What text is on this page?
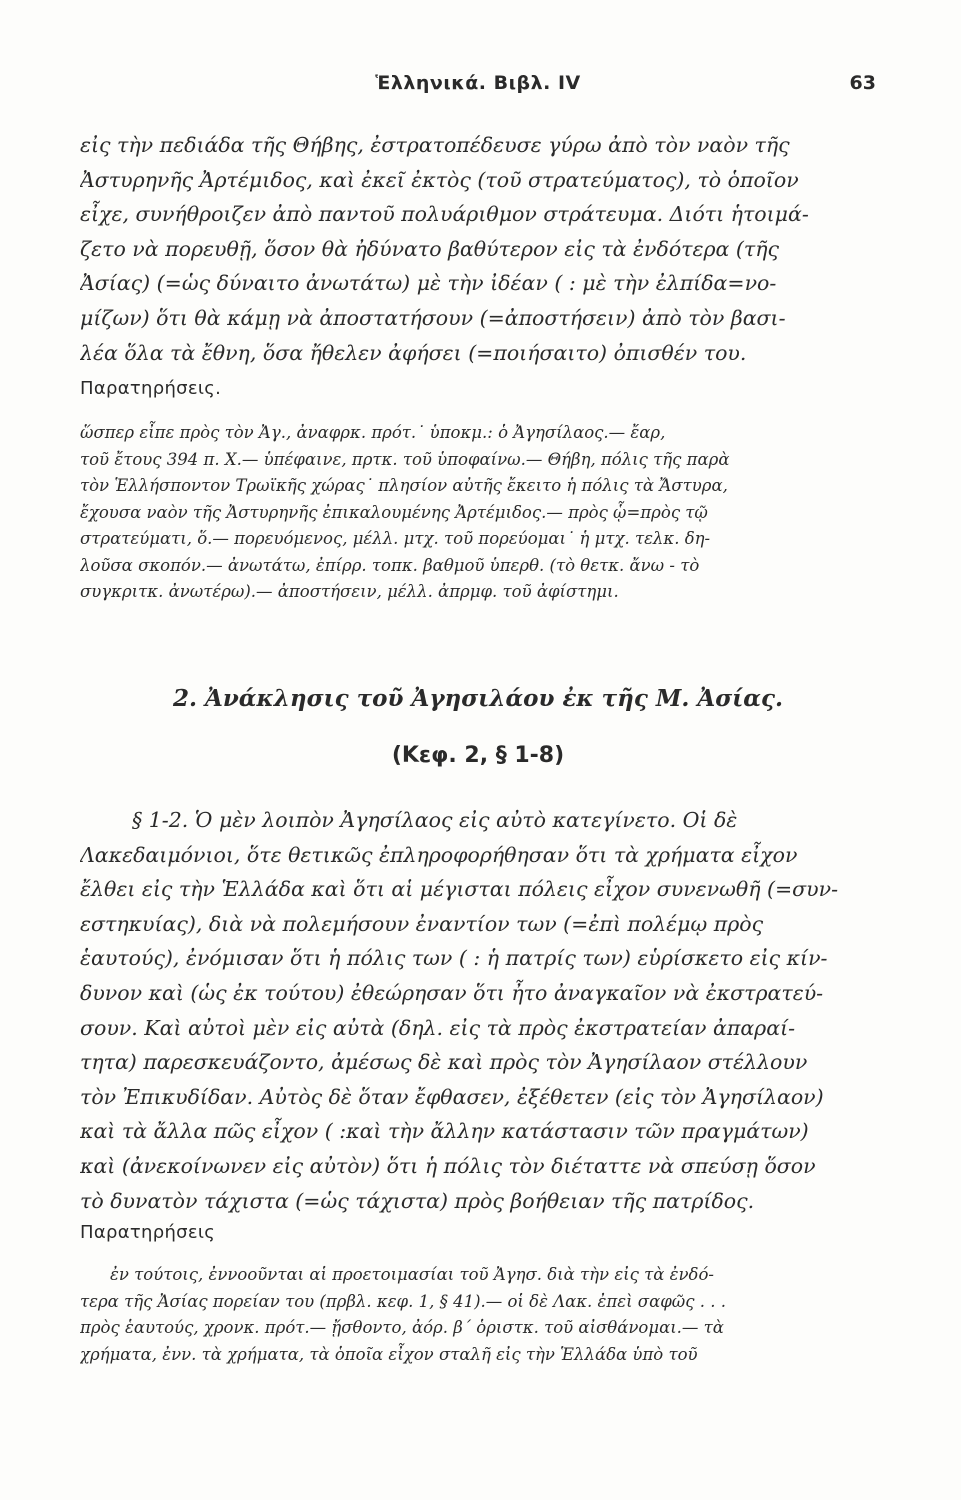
Ἑλληνικά. Βιβλ. IV	63
εἰς τὴν πεδιάδα τῆς Θήβης, ἐστρατοπέδευσε γύρω ἀπὸ τὸν ναὸν τῆς
Ἀστυρηνῆς Ἀρτέμιδος, καὶ ἐκεῖ ἐκτὸς (τοῦ στρατεύματος), τὸ ὁποῖον
εἶχε, συνήθροιζεν ἀπὸ παντοῦ πολυάριθμον στράτευμα. Διότι ἡτοιμά-
ζετο νὰ πορευθῇ, ὅσον θὰ ἠδύνατο βαθύτερον εἰς τὰ ἐνδότερα (τῆς
Ἀσίας) (=ὡς δύναιτο ἀνωτάτω) μὲ τὴν ἰδέαν ( : μὲ τὴν ἐλπίδα=νο-
μίζων) ὅτι θὰ κάμῃ νὰ ἀποστατήσουν (=ἀποστήσειν) ἀπὸ τὸν βασι-
λέα ὅλα τὰ ἔθνη, ὅσα ἤθελεν ἀφήσει (=ποιήσαιτο) ὀπισθέν του.
Παρατηρήσεις.
ὥσπερ εἶπε πρὸς τὸν Ἀγ., ἀναφρκ. πρότ.˙ ὑποκμ.: ὁ Ἀγησίλαος.— ἔαρ,
τοῦ ἔτους 394 π. Χ.— ὑπέφαινε, πρτκ. τοῦ ὑποφαίνω.— Θήβη, πόλις τῆς παρὰ
τὸν Ἑλλήσποντον Τρωϊκῆς χώρας˙ πλησίον αὐτῆς ἔκειτο ἡ πόλις τὰ Ἄστυρα,
ἔχουσα ναὸν τῆς Ἀστυρηνῆς ἐπικαλουμένης Ἀρτέμιδος.— πρὸς ᾧ=πρὸς τῷ
στρατεύματι, ὅ.— πορευόμενος, μέλλ. μτχ. τοῦ πορεύομαι˙ ἡ μτχ. τελκ. δη-
λοῦσα σκοπόν.— ἀνωτάτω, ἐπίρρ. τοπκ. βαθμοῦ ὑπερθ. (τὸ θετκ. ἄνω - τὸ
συγκριτκ. ἀνωτέρω).— ἀποστήσειν, μέλλ. ἀπρμφ. τοῦ ἀφίστημι.
2. Ἀνάκλησις τοῦ Ἀγησιλάου ἐκ τῆς Μ. Ἀσίας.
(Κεφ. 2, § 1-8)
§ 1-2. Ὁ μὲν λοιπὸν Ἀγησίλαος εἰς αὐτὸ κατεγίνετο. Οἱ δὲ
Λακεδαιμόνιοι, ὅτε θετικῶς ἐπληροφορήθησαν ὅτι τὰ χρήματα εἶχον
ἔλθει εἰς τὴν Ἑλλάδα καὶ ὅτι αἱ μέγισται πόλεις εἶχον συνενωθῆ (=συν-
εστηκυίας), διὰ νὰ πολεμήσουν ἐναντίον των (=ἐπὶ πολέμῳ πρὸς
ἑαυτούς), ἐνόμισαν ὅτι ἡ πόλις των ( : ἡ πατρίς των) εὑρίσκετο εἰς κίν-
δυνον καὶ (ὡς ἐκ τούτου) ἐθεώρησαν ὅτι ἦτο ἀναγκαῖον νὰ ἐκστρατεύ-
σουν. Καὶ αὐτοὶ μὲν εἰς αὐτὰ (δηλ. εἰς τὰ πρὸς ἐκστρατείαν ἀπαραί-
τητα) παρεσκευάζοντο, ἀμέσως δὲ καὶ πρὸς τὸν Ἀγησίλαον στέλλουν
τὸν Ἐπικυδίδαν. Αὐτὸς δὲ ὅταν ἔφθασεν, ἐξέθετεν (εἰς τὸν Ἀγησίλαον)
καὶ τὰ ἄλλα πῶς εἶχον ( :καὶ τὴν ἄλλην κατάστασιν τῶν πραγμάτων)
καὶ (ἀνεκοίνωνεν εἰς αὐτὸν) ὅτι ἡ πόλις τὸν διέταττε νὰ σπεύσῃ ὅσον
τὸ δυνατὸν τάχιστα (=ὡς τάχιστα) πρὸς βοήθειαν τῆς πατρίδος.
Παρατηρήσεις
ἐν τούτοις, ἐννοοῦνται αἱ προετοιμασίαι τοῦ Ἀγησ. διὰ τὴν εἰς τὰ ἐνδό-
τερα τῆς Ἀσίας πορείαν του (πρβλ. κεφ. 1, § 41).— οἱ δὲ Λακ. ἐπεὶ σαφῶς . . .
πρὸς ἑαυτούς, χρονκ. πρότ.— ᾔσθοντο, ἀόρ. β΄ ὁριστκ. τοῦ αἰσθάνομαι.— τὰ
χρήματα, ἐνν. τὰ χρήματα, τὰ ὁποῖα εἶχον σταλῆ εἰς τὴν Ἑλλάδα ὑπὸ τοῦ
